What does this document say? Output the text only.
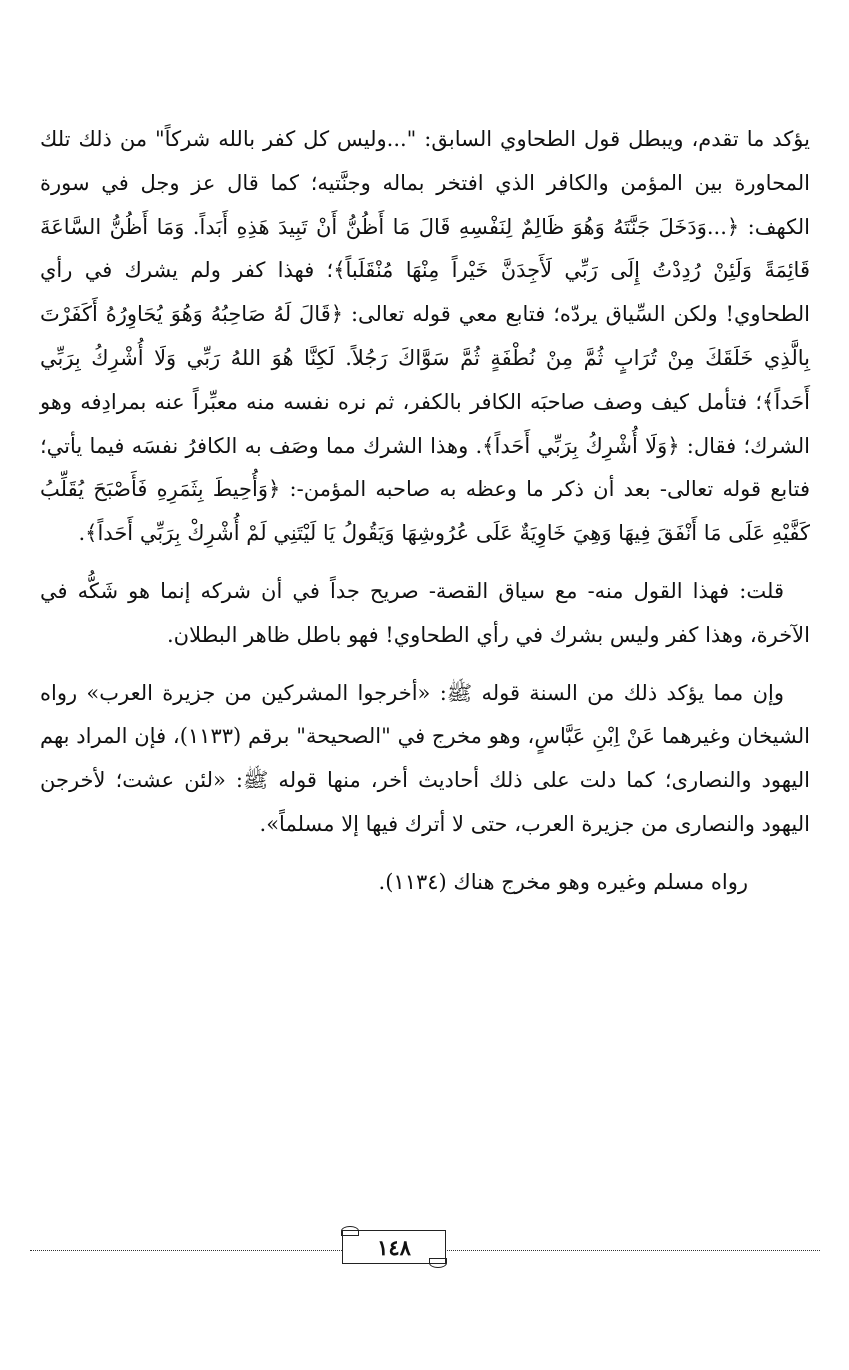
يؤكد ما تقدم، ويبطل قول الطحاوي السابق: "...وليس كل كفر بالله شركاً" من ذلك تلك المحاورة بين المؤمن والكافر الذي افتخر بماله وجنَّتيه؛ كما قال عز وجل في سورة الكهف: ﴿...وَدَخَلَ جَنَّتَهُ وَهُوَ ظَالِمٌ لِنَفْسِهِ قَالَ مَا أَظُنُّ أَنْ تَبِيدَ هَذِهِ أَبَداً. وَمَا أَظُنُّ السَّاعَةَ قَائِمَةً وَلَئِنْ رُدِدْتُ إِلَى رَبِّي لَأَجِدَنَّ خَيْراً مِنْهَا مُنْقَلَباً﴾؛ فهذا كفر ولم يشرك في رأي الطحاوي! ولكن السِّياق يردّه؛ فتابع معي قوله تعالى: ﴿قَالَ لَهُ صَاحِبُهُ وَهُوَ يُحَاوِرُهُ أَكَفَرْتَ بِالَّذِي خَلَقَكَ مِنْ تُرَابٍ ثُمَّ مِنْ نُطْفَةٍ ثُمَّ سَوَّاكَ رَجُلاً. لَكِنَّا هُوَ اللهُ رَبِّي وَلَا أُشْرِكُ بِرَبِّي أَحَداً﴾؛ فتأمل كيف وصف صاحبَه الكافر بالكفر، ثم نره نفسه منه معبِّراً عنه بمرادِفه وهو الشرك؛ فقال: ﴿وَلَا أُشْرِكُ بِرَبِّي أَحَداً﴾. وهذا الشرك مما وصَف به الكافرُ نفسَه فيما يأتي؛ فتابع قوله تعالى- بعد أن ذكر ما وعظه به صاحبه المؤمن-: ﴿وَأُحِيطَ بِثَمَرِهِ فَأَصْبَحَ يُقَلِّبُ كَفَّيْهِ عَلَى مَا أَنْفَقَ فِيهَا وَهِيَ خَاوِيَةٌ عَلَى عُرُوشِهَا وَيَقُولُ يَا لَيْتَنِي لَمْ أُشْرِكْ بِرَبِّي أَحَداً﴾.

قلت: فهذا القول منه- مع سياق القصة- صريح جداً في أن شركه إنما هو شَكُّه في الآخرة، وهذا كفر وليس بشرك في رأي الطحاوي! فهو باطل ظاهر البطلان.

وإن مما يؤكد ذلك من السنة قوله ﷺ: «أخرجوا المشركين من جزيرة العرب» رواه الشيخان وغيرهما عَنْ اِبْنِ عَبَّاسٍ، وهو مخرج في "الصحيحة" برقم (١١٣٣)، فإن المراد بهم اليهود والنصارى؛ كما دلت على ذلك أحاديث أخر، منها قوله ﷺ: «لئن عشت؛ لأخرجن اليهود والنصارى من جزيرة العرب، حتى لا أترك فيها إلا مسلماً».

رواه مسلم وغيره وهو مخرج هناك (١١٣٤).

١٤٨
